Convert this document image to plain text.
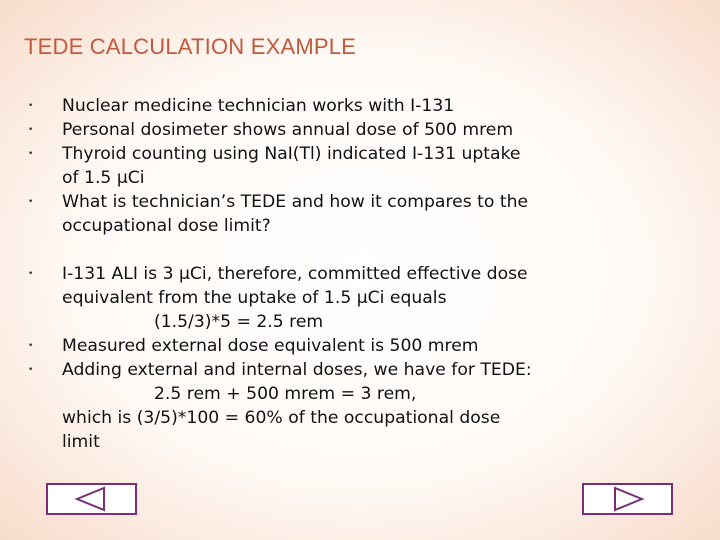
TEDE CALCULATION EXAMPLE
• Nuclear medicine technician works with I-131
• Personal dosimeter shows annual dose of 500 mrem
• Thyroid counting using NaI(Tl) indicated I-131 uptake
of 1.5 μCi
• What is technician’s TEDE and how it compares to the
occupational dose limit?
• I-131 ALI is 3 μCi, therefore, committed effective dose
equivalent from the uptake of 1.5 μCi equals
(1.5/3)*5 = 2.5 rem
• Measured external dose equivalent is 500 mrem
• Adding external and internal doses, we have for TEDE:
2.5 rem + 500 mrem = 3 rem,
which is (3/5)*100 = 60% of the occupational dose
limit
